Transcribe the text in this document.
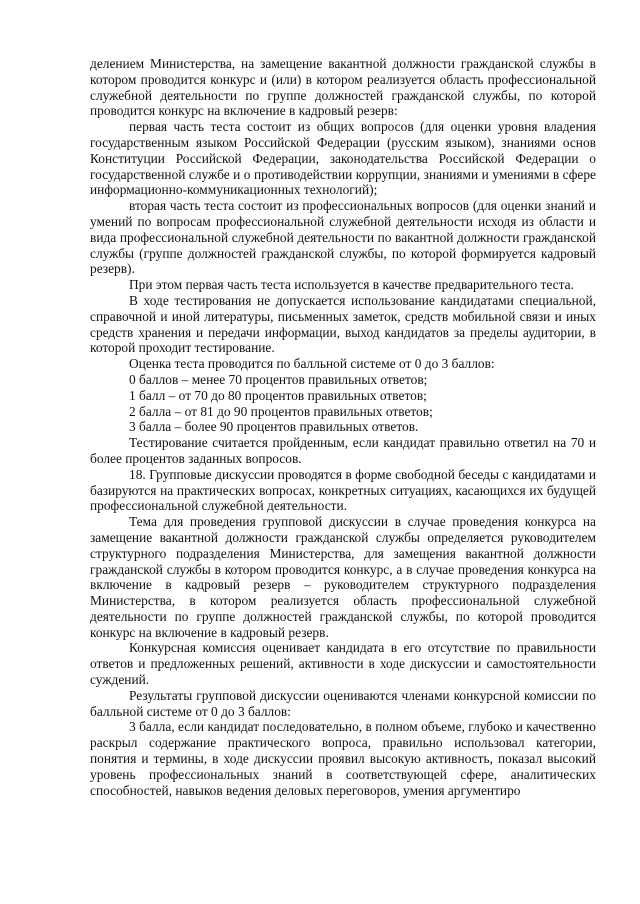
делением Министерства, на замещение вакантной должности гражданской службы в котором проводится конкурс и (или) в котором реализуется область профессиональной служебной деятельности по группе должностей гражданской службы, по которой проводится конкурс на включение в кадровый резерв:

первая часть теста состоит из общих вопросов (для оценки уровня владения государственным языком Российской Федерации (русским языком), знаниями основ Конституции Российской Федерации, законодательства Российской Федерации о государственной службе и о противодействии коррупции, знаниями и умениями в сфере информационно-коммуникационных технологий);

вторая часть теста состоит из профессиональных вопросов (для оценки знаний и умений по вопросам профессиональной служебной деятельности исходя из области и вида профессиональной служебной деятельности по вакантной должности гражданской службы (группе должностей гражданской службы, по которой формируется кадровый резерв).

При этом первая часть теста используется в качестве предварительного теста.

В ходе тестирования не допускается использование кандидатами специальной, справочной и иной литературы, письменных заметок, средств мобильной связи и иных средств хранения и передачи информации, выход кандидатов за пределы аудитории, в которой проходит тестирование.

Оценка теста проводится по балльной системе от 0 до 3 баллов:

0 баллов – менее 70 процентов правильных ответов;

1 балл – от 70 до 80 процентов правильных ответов;

2 балла – от 81 до 90 процентов правильных ответов;

3 балла – более 90 процентов правильных ответов.

Тестирование считается пройденным, если кандидат правильно ответил на 70 и более процентов заданных вопросов.

18. Групповые дискуссии проводятся в форме свободной беседы с кандидатами и базируются на практических вопросах, конкретных ситуациях, касающихся их будущей профессиональной служебной деятельности.

Тема для проведения групповой дискуссии в случае проведения конкурса на замещение вакантной должности гражданской службы определяется руководителем структурного подразделения Министерства, для замещения вакантной должности гражданской службы в котором проводится конкурс, а в случае проведения конкурса на включение в кадровый резерв – руководителем структурного подразделения Министерства, в котором реализуется область профессиональной служебной деятельности по группе должностей гражданской службы, по которой проводится конкурс на включение в кадровый резерв.

Конкурсная комиссия оценивает кандидата в его отсутствие по правильности ответов и предложенных решений, активности в ходе дискуссии и самостоятельности суждений.

Результаты групповой дискуссии оцениваются членами конкурсной комиссии по балльной системе от 0 до 3 баллов:

3 балла, если кандидат последовательно, в полном объеме, глубоко и качественно раскрыл содержание практического вопроса, правильно использовал категории, понятия и термины, в ходе дискуссии проявил высокую активность, показал высокий уровень профессиональных знаний в соответствующей сфере, аналитических способностей, навыков ведения деловых переговоров, умения аргументиро
